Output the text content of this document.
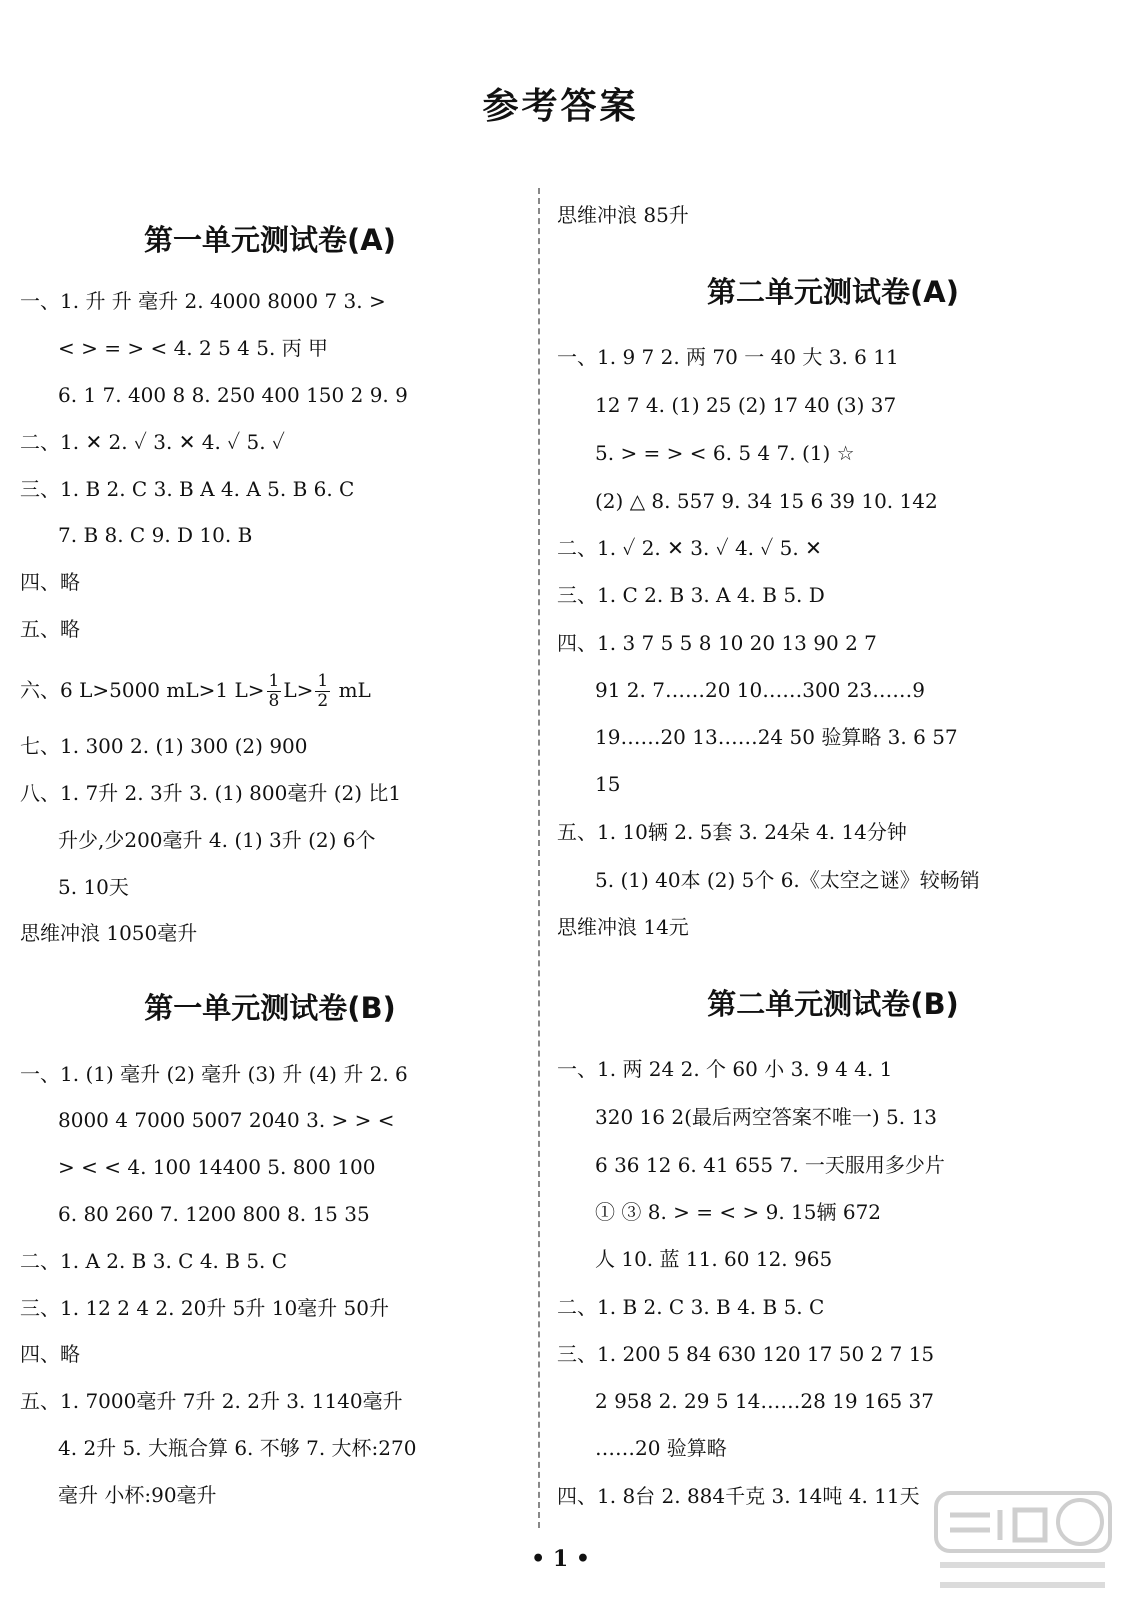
参考答案
第一单元测试卷(A)
一、1. 升 升 毫升 2. 4000 8000 7 3. >
< > = > < 4. 2 5 4 5. 丙 甲
6. 1 7. 400 8 8. 250 400 150 2 9. 9
二、1. ✕ 2. ✓ 3. ✕ 4. ✓ 5. ✓
三、1. B 2. C 3. B A 4. A 5. B 6. C
7. B 8. C 9. D 10. B
四、略
五、略
六、6 L>5000 mL>1 $L> \frac{1}{8} L> \frac{1}{2}$ mL
七、1. 300 2. (1) 300 (2) 900
八、1. 7升 2. 3升 3. (1) 800毫升 (2) 比1
升少,少200毫升 4. (1) 3升 (2) 6个
5. 10天
思维冲浪 1050毫升
第一单元测试卷(B)
一、1. (1) 毫升 (2) 毫升 (3) 升 (4) 升 2. 6
8000 4 7000 5007 2040 3. > > <
> < < 4. 100 14400 5. 800 100
6. 80 260 7. 1200 800 8. 15 35
二、1. A 2. B 3. C 4. B 5. C
三、1. 12 2 4 2. 20升 5升 10毫升 50升
四、略
五、1. 7000毫升 7升 2. 2升 3. 1140毫升
4. 2升 5. 大瓶合算 6. 不够 7. 大杯:270
毫升 小杯:90毫升
思维冲浪 85升
第二单元测试卷(A)
一、1. 9 7 2. 两 70 一 40 大 3. 6 11
12 7 4. (1) 25 (2) 17 40 (3) 37
5. > = > < 6. 5 4 7. (1) ☆
(2) △ 8. 557 9. 34 15 6 39 10. 142
二、1. ✓ 2. ✕ 3. ✓ 4. ✓ 5. ✕
三、1. C 2. B 3. A 4. B 5. D
四、1. 3 7 5 5 8 10 20 13 90 2 7
91 2. 7……20 10……300 23……9
19……20 13……24 50 验算略 3. 6 57
15
五、1. 10辆 2. 5套 3. 24朵 4. 14分钟
5. (1) 40本 (2) 5个 6.《太空之谜》较畅销
思维冲浪 14元
第二单元测试卷(B)
一、1. 两 24 2. 个 60 小 3. 9 4 4. 1
320 16 2(最后两空答案不唯一) 5. 13
6 36 12 6. 41 655 7. 一天服用多少片
① ③ 8. > = < > 9. 15辆 672
人 10. 蓝 11. 60 12. 965
二、1. B 2. C 3. B 4. B 5. C
三、1. 200 5 84 630 120 17 50 2 7 15
2 958 2. 29 5 14……28 19 165 37
……20 验算略
四、1. 8台 2. 884千克 3. 14吨 4. 11天
• 1 •
